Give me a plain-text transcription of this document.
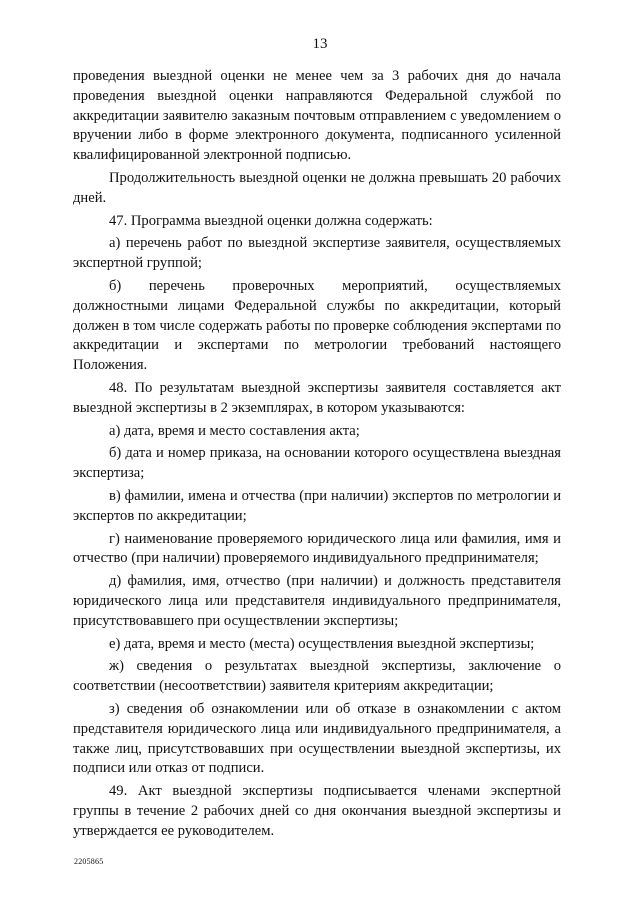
13

проведения выездной оценки не менее чем за 3 рабочих дня до начала проведения выездной оценки направляются Федеральной службой по аккредитации заявителю заказным почтовым отправлением с уведомлением о вручении либо в форме электронного документа, подписанного усиленной квалифицированной электронной подписью.

Продолжительность выездной оценки не должна превышать 20 рабочих дней.

47. Программа выездной оценки должна содержать:

а) перечень работ по выездной экспертизе заявителя, осуществляемых экспертной группой;

б) перечень проверочных мероприятий, осуществляемых должностными лицами Федеральной службы по аккредитации, который должен в том числе содержать работы по проверке соблюдения экспертами по аккредитации и экспертами по метрологии требований настоящего Положения.

48. По результатам выездной экспертизы заявителя составляется акт выездной экспертизы в 2 экземплярах, в котором указываются:

а) дата, время и место составления акта;

б) дата и номер приказа, на основании которого осуществлена выездная экспертиза;

в) фамилии, имена и отчества (при наличии) экспертов по метрологии и экспертов по аккредитации;

г) наименование проверяемого юридического лица или фамилия, имя и отчество (при наличии) проверяемого индивидуального предпринимателя;

д) фамилия, имя, отчество (при наличии) и должность представителя юридического лица или представителя индивидуального предпринимателя, присутствовавшего при осуществлении экспертизы;

е) дата, время и место (места) осуществления выездной экспертизы;

ж) сведения о результатах выездной экспертизы, заключение о соответствии (несоответствии) заявителя критериям аккредитации;

з) сведения об ознакомлении или об отказе в ознакомлении с актом представителя юридического лица или индивидуального предпринимателя, а также лиц, присутствовавших при осуществлении выездной экспертизы, их подписи или отказ от подписи.

49. Акт выездной экспертизы подписывается членами экспертной группы в течение 2 рабочих дней со дня окончания выездной экспертизы и утверждается ее руководителем.

2205865
